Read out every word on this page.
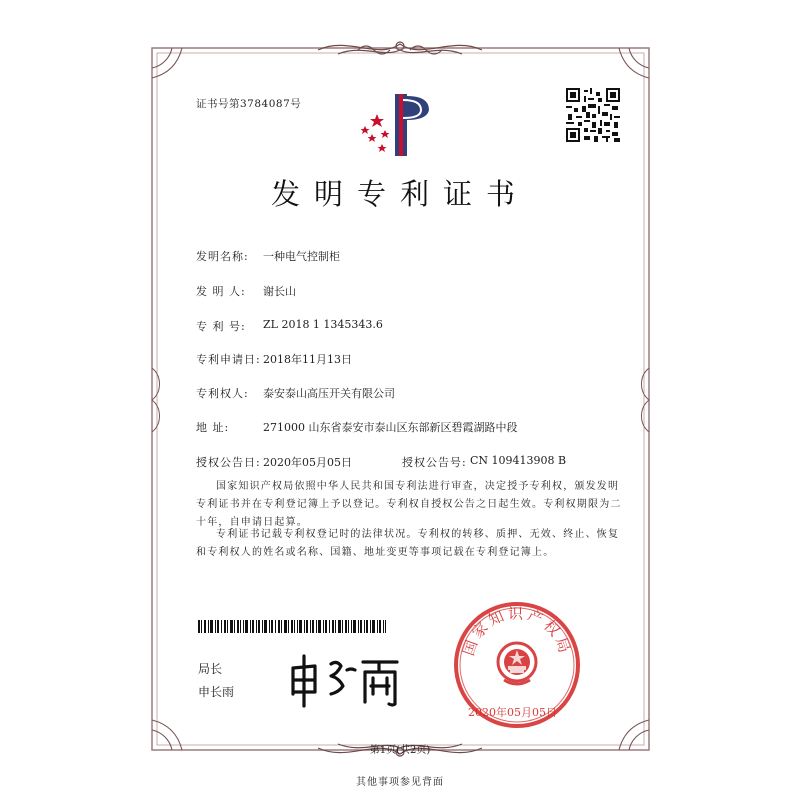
证书号第3784087号
发明专利证书
发明名称: 一种电气控制柜
发 明 人: 谢长山
专 利 号: ZL 2018 1 1345343.6
专利申请日: 2018年11月13日
专利权人: 泰安泰山高压开关有限公司
地 址:	271000 山东省泰安市泰山区东部新区碧霞湖路中段
授权公告日: 2020年05月05日	授权公告号: CN 109413908 B
国家知识产权局依照中华人民共和国专利法进行审查，决定授予专利权，颁发发明专利证书并在专利登记簿上予以登记。专利权自授权公告之日起生效。专利权期限为二十年，自申请日起算。
专利证书记载专利权登记时的法律状况。专利权的转移、质押、无效、终止、恢复和专利权人的姓名或名称、国籍、地址变更等事项记载在专利登记簿上。
局长
申长雨
国家知识产权局
2020年05月05日
第1页(共2页)
其他事项参见背面
